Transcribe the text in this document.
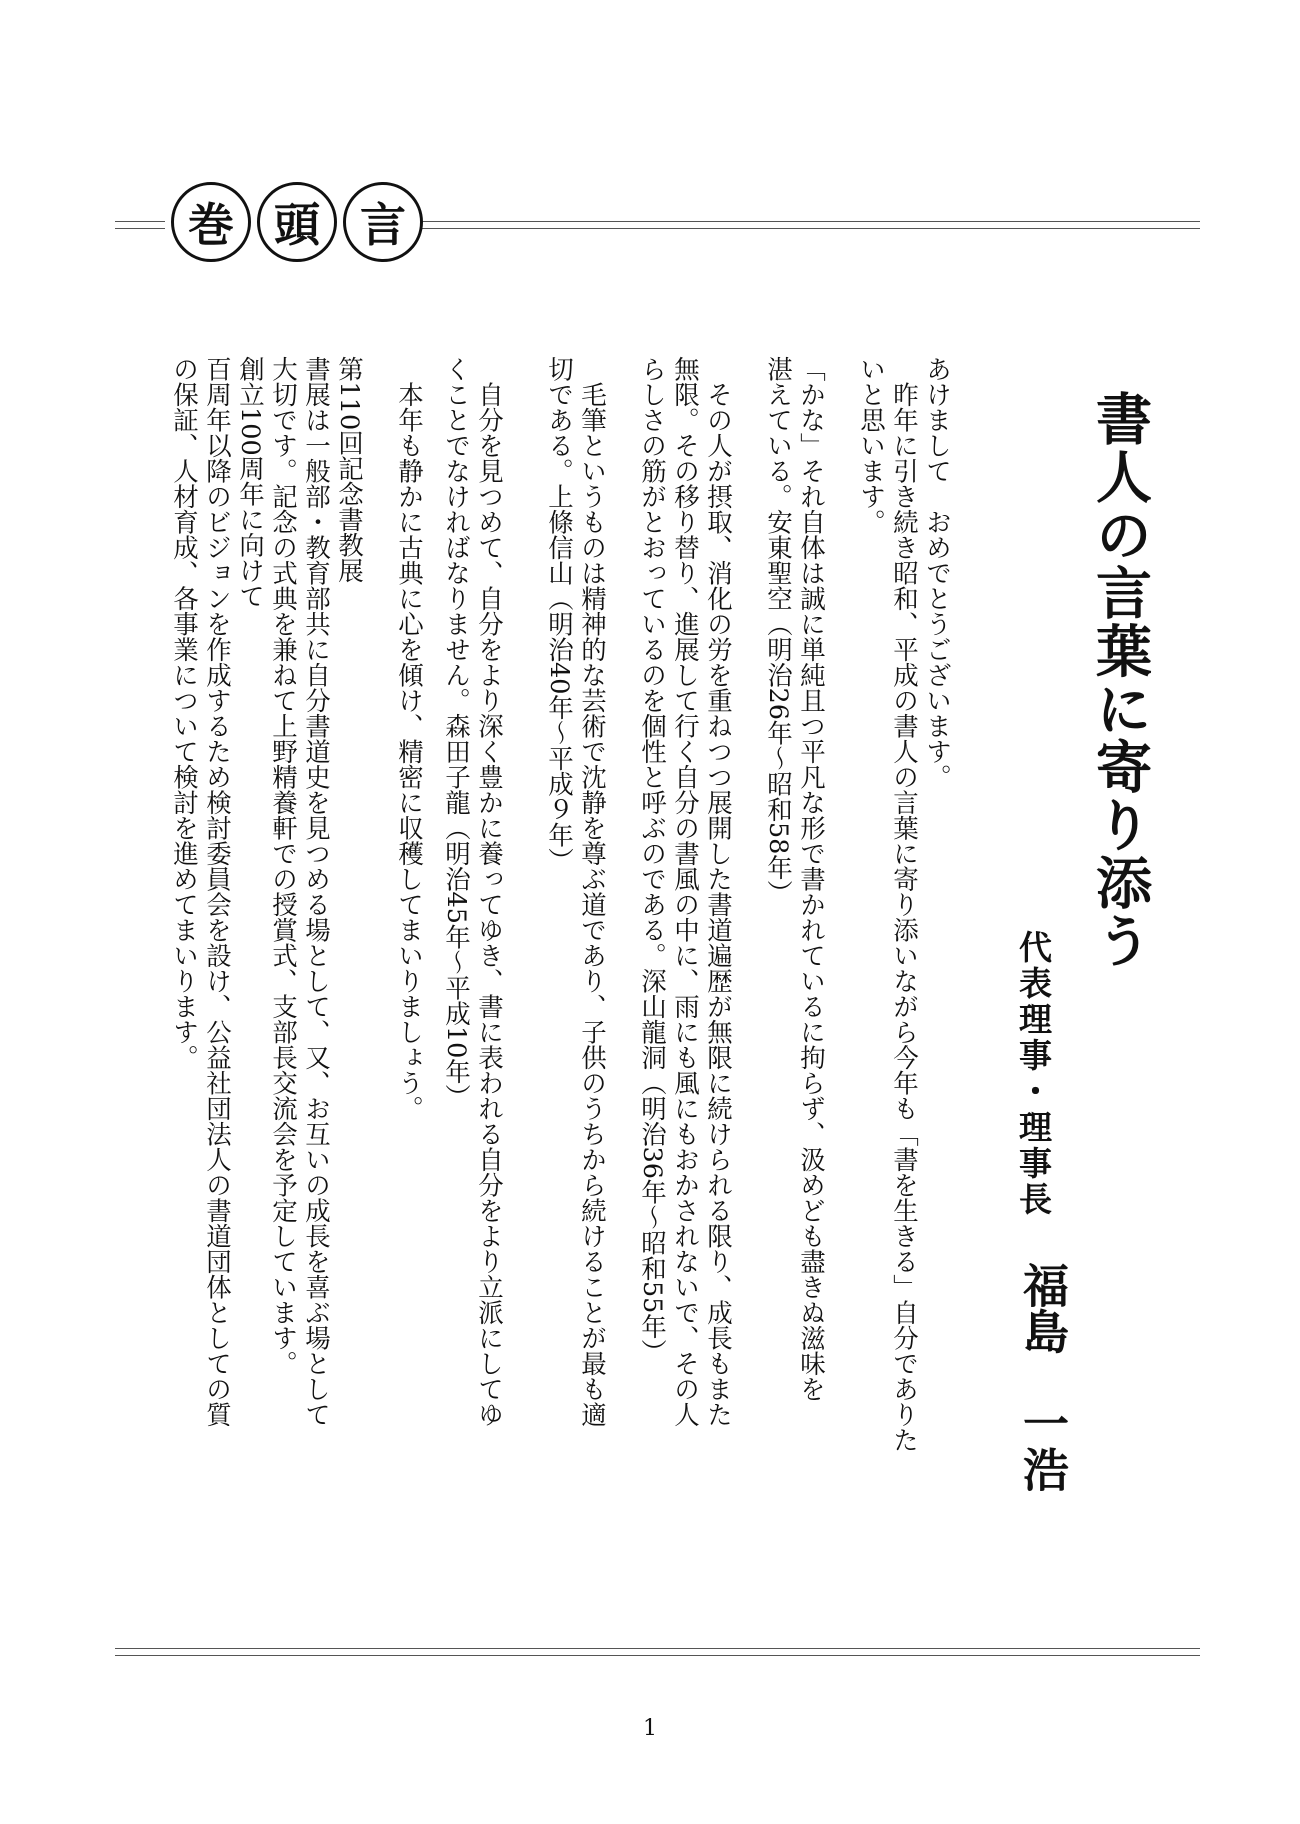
巻 頭 言
書人の言葉に寄り添う
代表理事・理事長
福島　一浩
あけまして　おめでとうございます。
　昨年に引き続き昭和、平成の書人の言葉に寄り添いながら今年も「書を生きる」自分でありた
いと思います。
「かな」それ自体は誠に単純且つ平凡な形で書かれているに拘らず、汲めども盡きぬ滋味を
湛えている。安東聖空（明治26年〜昭和58年）
　その人が摂取、消化の労を重ねつつ展開した書道遍歴が無限に続けられる限り、成長もまた
無限。その移り替り、進展して行く自分の書風の中に、雨にも風にもおかされないで、その人
らしさの筋がとおっているのを個性と呼ぶのである。深山龍洞（明治36年〜昭和55年）
　毛筆というものは精神的な芸術で沈静を尊ぶ道であり、子供のうちから続けることが最も適
切である。上條信山（明治40年〜平成９年）
　自分を見つめて、自分をより深く豊かに養ってゆき、書に表われる自分をより立派にしてゆ
くことでなければなりません。森田子龍（明治45年〜平成10年）
　本年も静かに古典に心を傾け、精密に収穫してまいりましょう。
第110回記念書教展
書展は一般部・教育部共に自分書道史を見つめる場として、又、お互いの成長を喜ぶ場として
大切です。記念の式典を兼ねて上野精養軒での授賞式、支部長交流会を予定しています。
創立100周年に向けて
百周年以降のビジョンを作成するため検討委員会を設け、公益社団法人の書道団体としての質
の保証、人材育成、各事業について検討を進めてまいります。
1
